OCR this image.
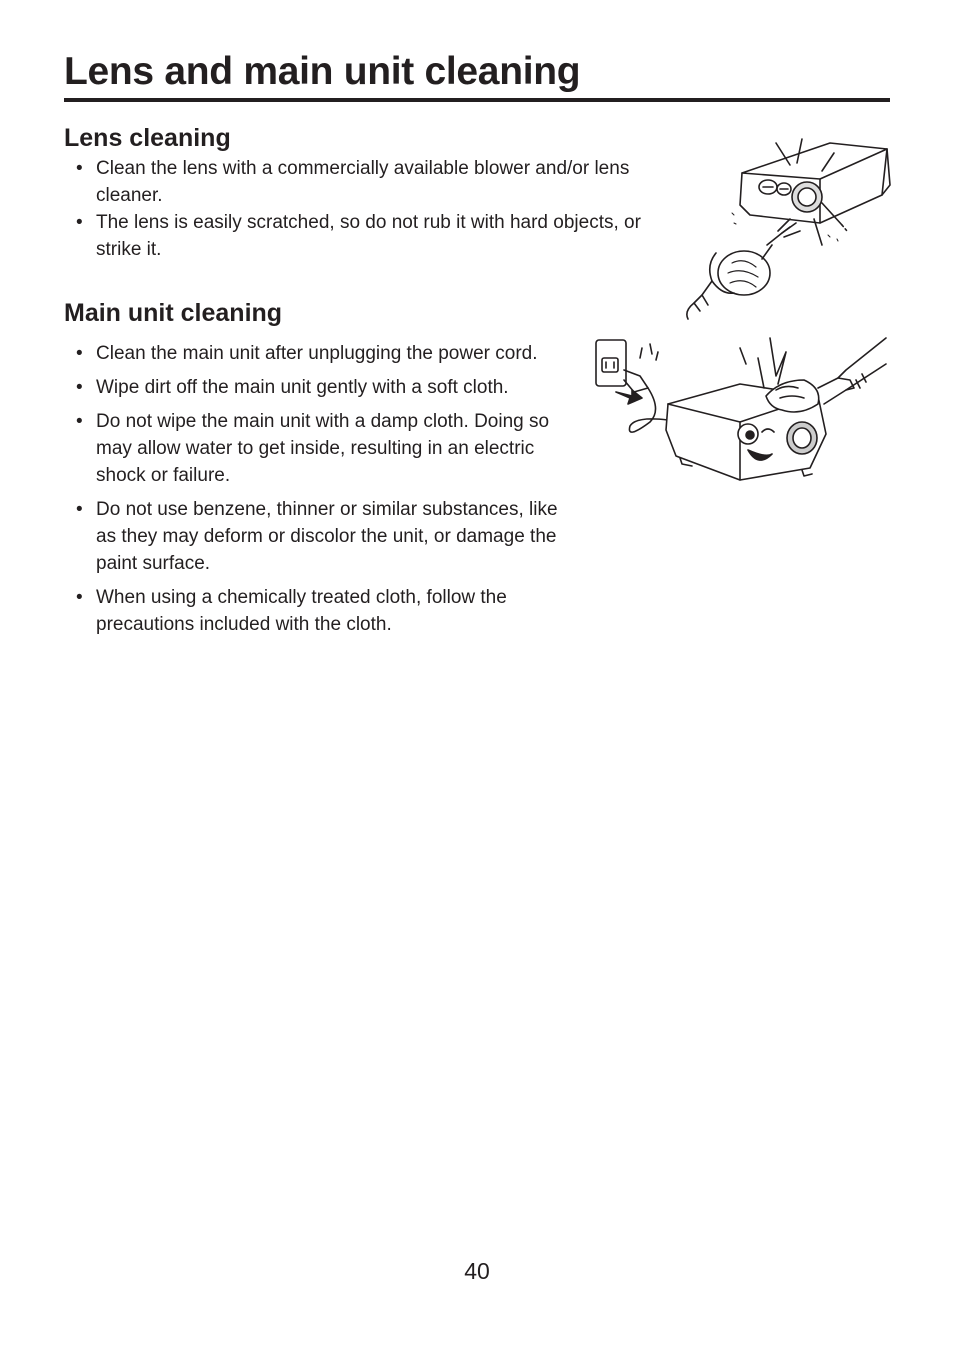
Lens and main unit cleaning
Lens cleaning
• Clean the lens with a commercially available blower and/or lens cleaner.
• The lens is easily scratched, so do not rub it with hard objects, or strike it.
Main unit cleaning
• Clean the main unit after unplugging the power cord.
• Wipe dirt off the main unit gently with a soft cloth.
• Do not wipe the main unit with a damp cloth. Doing so may allow water to get inside, resulting in an electric shock or failure.
• Do not use benzene, thinner or similar substances, like as they may deform or discolor the unit, or damage the paint surface.
• When using a chemically treated cloth, follow the precautions included with the cloth.
40
